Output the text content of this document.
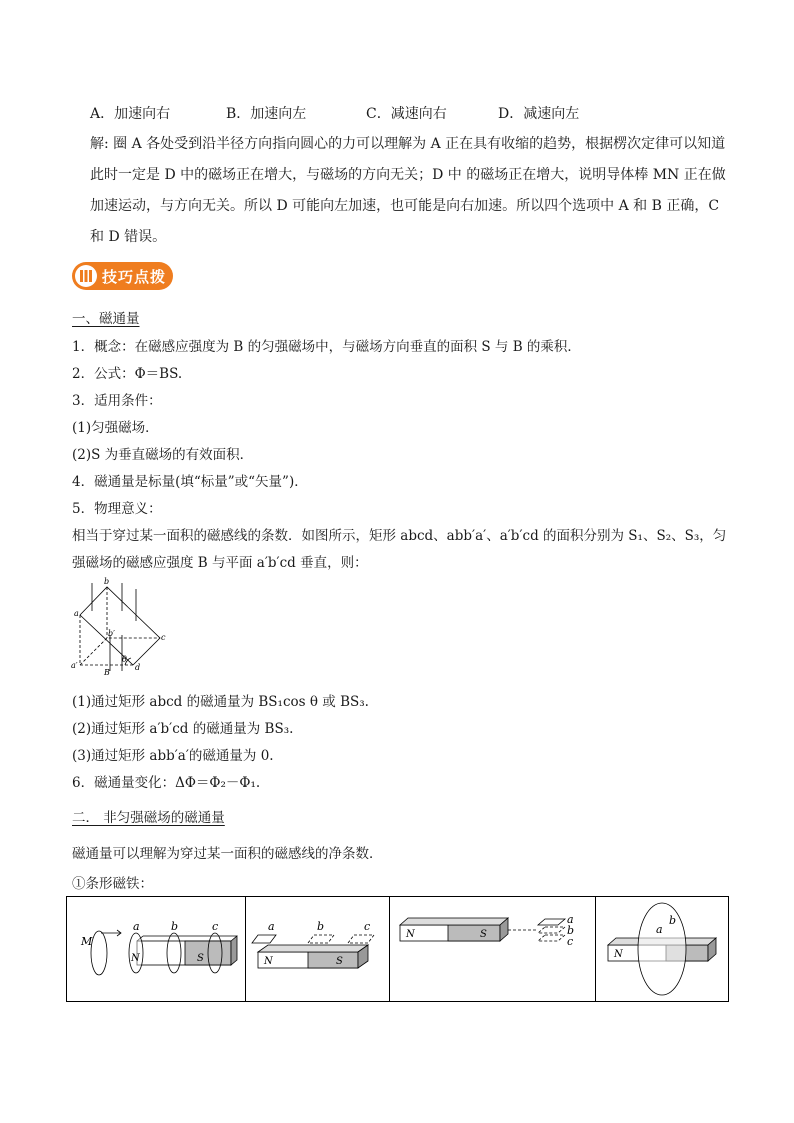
A．加速向右	B．加速向左	C．减速向右	D．减速向左

解: 圈 A 各处受到沿半径方向指向圆心的力可以理解为 A 正在具有收缩的趋势，根据楞次定律可以知道

此时一定是 D 中的磁场正在增大，与磁场的方向无关；D 中 的磁场正在增大，说明导体棒 MN 正在做

加速运动，与方向无关。所以 D 可能向左加速，也可能是向右加速。所以四个选项中 A 和 B 正确，C

和 D 错误。

技巧点拨
一、磁通量
1．概念：在磁感应强度为 B 的匀强磁场中，与磁场方向垂直的面积 S 与 B 的乘积．
2．公式：Φ＝BS.
3．适用条件：
(1)匀强磁场．
(2)S 为垂直磁场的有效面积．
4．磁通量是标量(填“标量”或“矢量”)．
5．物理意义：
相当于穿过某一面积的磁感线的条数．如图所示，矩形 abcd、abb′a′、a′b′cd 的面积分别为 S₁、S₂、S₃，匀
强磁场的磁感应强度 B 与平面 a′b′cd 垂直，则：
b
a
b′	c
a′	d
B
θ
(1)通过矩形 abcd 的磁通量为 BS₁cos θ 或 BS₃.
(2)通过矩形 a′b′cd 的磁通量为 BS₃.
(3)通过矩形 abb′a′的磁通量为 0.
6．磁通量变化：ΔΦ＝Φ₂－Φ₁.
二． 非匀强磁场的磁通量
磁通量可以理解为穿过某一面积的磁感线的净条数．
①条形磁铁：
M
a	b	c
N	S
a	b	c
N	S
N	S
a
b
c
N
a
b
